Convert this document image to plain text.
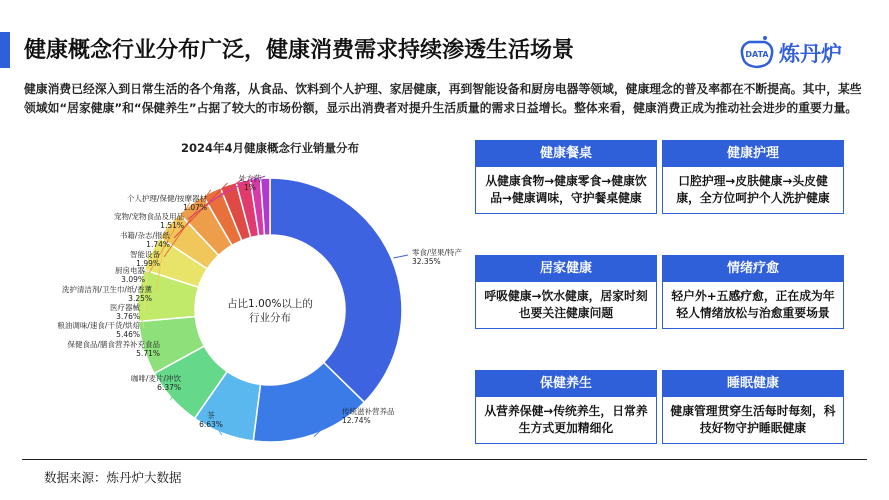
健康概念行业分布广泛，健康消费需求持续渗透生活场景	DATA 炼丹炉
健康消费已经深入到日常生活的各个角落，从食品、饮料到个人护理、家居健康，再到智能设备和厨房电器等领域，健康理念的普及率都在不断提高。其中，某些领域如“居家健康”和“保健养生”占据了较大的市场份额，显示出消费者对提升生活质量的需求日益增长。整体来看，健康消费正成为推动社会进步的重要力量。
2024年4月健康概念行业销量分布
零食/坚果/特产
32.35%
传统滋补营养品
12.74%
茶
6.63%
咖啡/麦片/冲饮
6.37%
保健食品/膳食营养补充食品
5.71%
粮油调味/速食/干货/烘焙
5.46%
医疗器械
3.76%
洗护清洁剂/卫生巾/纸/香薰
3.25%
厨房电器
3.09%
智能设备
1.99%
书籍/杂志/报纸
1.74%
宠物/宠物食品及用品
1.51%
个人护理/保健/按摩器材
1.07%
处方药
1%
占比1.00%以上的
行业分布
健康餐桌
从健康食物→健康零食→健康饮品→健康调味，守护餐桌健康
健康护理
口腔护理→皮肤健康→头皮健康，全方位呵护个人洗护健康
居家健康
呼吸健康→饮水健康，居家时刻也要关注健康问题
情绪疗愈
轻户外+五感疗愈，正在成为年轻人情绪放松与治愈重要场景
保健养生
从营养保健→传统养生，日常养生方式更加精细化
睡眠健康
健康管理贯穿生活每时每刻，科技好物守护睡眠健康
数据来源：炼丹炉大数据
